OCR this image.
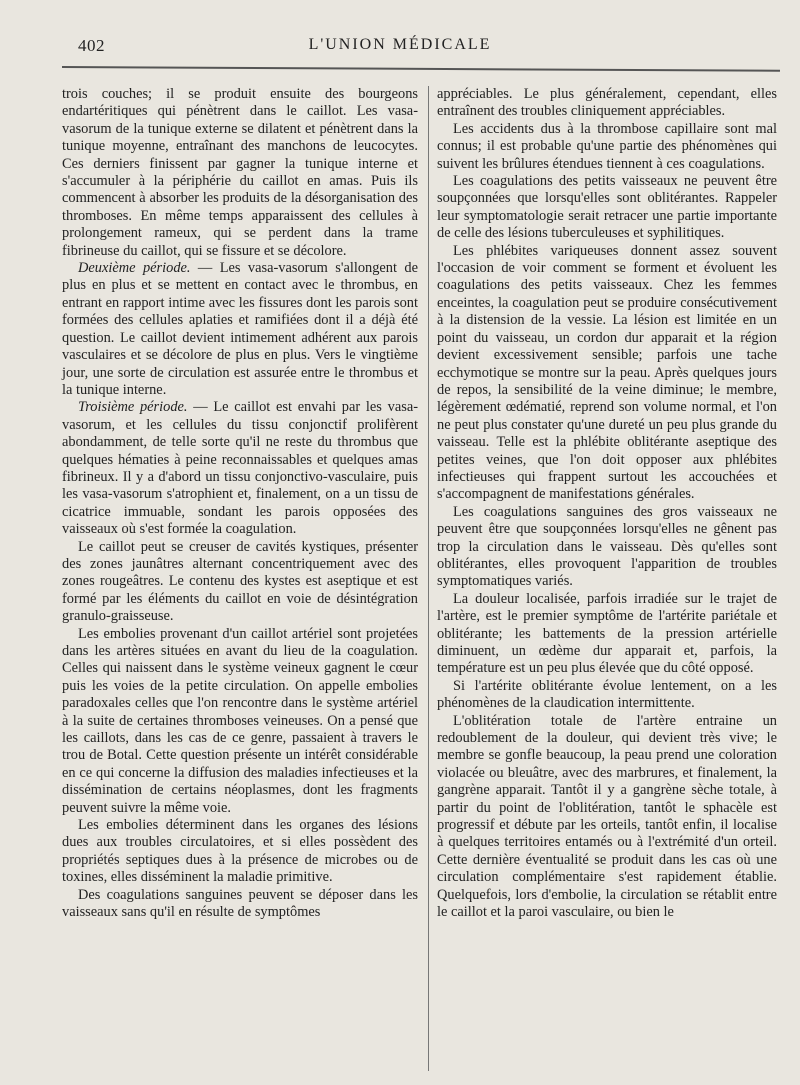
402	L'UNION MÉDICALE

trois couches; il se produit ensuite des bourgeons endartéritiques qui pénètrent dans le caillot. Les vasa-vasorum de la tunique externe se dilatent et pénètrent dans la tunique moyenne, entraînant des manchons de leucocytes. Ces derniers finissent par gagner la tunique interne et s'accumuler à la périphérie du caillot en amas. Puis ils commencent à absorber les produits de la désorganisation des thromboses. En même temps apparaissent des cellules à prolongement rameux, qui se perdent dans la trame fibrineuse du caillot, qui se fissure et se décolore.

Deuxième période. — Les vasa-vasorum s'allongent de plus en plus et se mettent en contact avec le thrombus, en entrant en rapport intime avec les fissures dont les parois sont formées des cellules aplaties et ramifiées dont il a déjà été question. Le caillot devient intimement adhérent aux parois vasculaires et se décolore de plus en plus. Vers le vingtième jour, une sorte de circulation est assurée entre le thrombus et la tunique interne.

Troisième période. — Le caillot est envahi par les vasa-vasorum, et les cellules du tissu conjonctif prolifèrent abondamment, de telle sorte qu'il ne reste du thrombus que quelques hématies à peine reconnaissables et quelques amas fibrineux. Il y a d'abord un tissu conjonctivo-vasculaire, puis les vasa-vasorum s'atrophient et, finalement, on a un tissu de cicatrice immuable, sondant les parois opposées des vaisseaux où s'est formée la coagulation.

Le caillot peut se creuser de cavités kystiques, présenter des zones jaunâtres alternant concentriquement avec des zones rougeâtres. Le contenu des kystes est aseptique et est formé par les éléments du caillot en voie de désintégration granulo-graisseuse.

Les embolies provenant d'un caillot artériel sont projetées dans les artères situées en avant du lieu de la coagulation. Celles qui naissent dans le système veineux gagnent le cœur puis les voies de la petite circulation. On appelle embolies paradoxales celles que l'on rencontre dans le système artériel à la suite de certaines thromboses veineuses. On a pensé que les caillots, dans les cas de ce genre, passaient à travers le trou de Botal. Cette question présente un intérêt considérable en ce qui concerne la diffusion des maladies infectieuses et la dissémination de certains néoplasmes, dont les fragments peuvent suivre la même voie.

Les embolies déterminent dans les organes des lésions dues aux troubles circulatoires, et si elles possèdent des propriétés septiques dues à la présence de microbes ou de toxines, elles disséminent la maladie primitive.

Des coagulations sanguines peuvent se déposer dans les vaisseaux sans qu'il en résulte de symptômes

appréciables. Le plus généralement, cependant, elles entraînent des troubles cliniquement appréciables.

Les accidents dus à la thrombose capillaire sont mal connus; il est probable qu'une partie des phénomènes qui suivent les brûlures étendues tiennent à ces coagulations.

Les coagulations des petits vaisseaux ne peuvent être soupçonnées que lorsqu'elles sont oblitérantes. Rappeler leur symptomatologie serait retracer une partie importante de celle des lésions tuberculeuses et syphilitiques.

Les phlébites variqueuses donnent assez souvent l'occasion de voir comment se forment et évoluent les coagulations des petits vaisseaux. Chez les femmes enceintes, la coagulation peut se produire consécutivement à la distension de la vessie. La lésion est limitée en un point du vaisseau, un cordon dur apparait et la région devient excessivement sensible; parfois une tache ecchymotique se montre sur la peau. Après quelques jours de repos, la sensibilité de la veine diminue; le membre, légèrement œdématié, reprend son volume normal, et l'on ne peut plus constater qu'une dureté un peu plus grande du vaisseau. Telle est la phlébite oblitérante aseptique des petites veines, que l'on doit opposer aux phlébites infectieuses qui frappent surtout les accouchées et s'accompagnent de manifestations générales.

Les coagulations sanguines des gros vaisseaux ne peuvent être que soupçonnées lorsqu'elles ne gênent pas trop la circulation dans le vaisseau. Dès qu'elles sont oblitérantes, elles provoquent l'apparition de troubles symptomatiques variés.

La douleur localisée, parfois irradiée sur le trajet de l'artère, est le premier symptôme de l'artérite pariétale et oblitérante; les battements de la pression artérielle diminuent, un œdème dur apparait et, parfois, la température est un peu plus élevée que du côté opposé.

Si l'artérite oblitérante évolue lentement, on a les phénomènes de la claudication intermittente.

L'oblitération totale de l'artère entraine un redoublement de la douleur, qui devient très vive; le membre se gonfle beaucoup, la peau prend une coloration violacée ou bleuâtre, avec des marbrures, et finalement, la gangrène apparait. Tantôt il y a gangrène sèche totale, à partir du point de l'oblitération, tantôt le sphacèle est progressif et débute par les orteils, tantôt enfin, il localise à quelques territoires entamés ou à l'extrémité d'un orteil. Cette dernière éventualité se produit dans les cas où une circulation complémentaire s'est rapidement établie. Quelquefois, lors d'embolie, la circulation se rétablit entre le caillot et la paroi vasculaire, ou bien le
